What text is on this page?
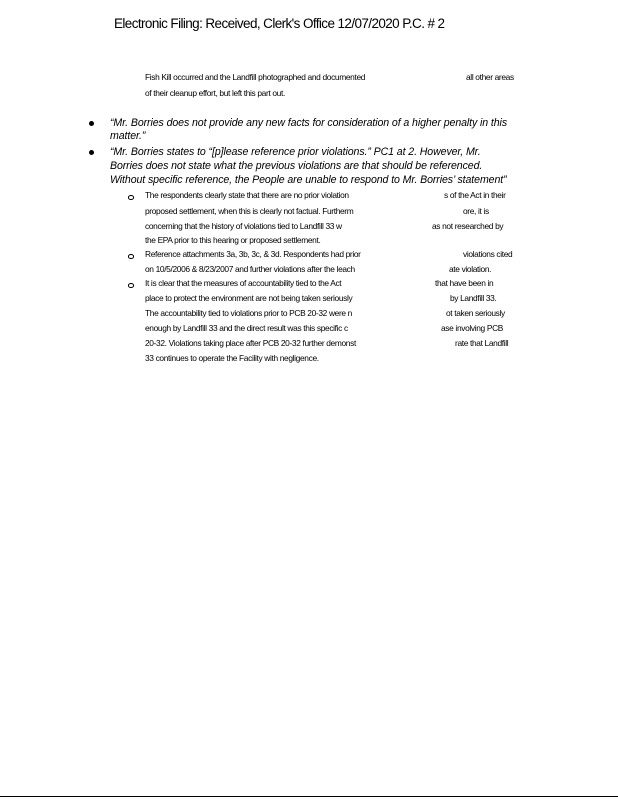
Electronic Filing: Received, Clerk's Office 12/07/2020 P.C. # 2
Fish Kill occurred and the Landfill photographed and documented	all other areas
of their cleanup effort, but left this part out.
“Mr. Borries does not provide any new facts for consideration of a higher penalty in this
matter.”
“Mr. Borries states to “[p]lease reference prior violations.” PC1 at 2. However, Mr.
Borries does not state what the previous violations are that should be referenced.
Without specific reference, the People are unable to respond to Mr. Borries’ statement”
The respondents clearly state that there are no prior violation	s of the Act in their
proposed settlement, when this is clearly not factual. Furtherm	ore, it is
concerning that the history of violations tied to Landfill 33 w	as not researched by
the EPA prior to this hearing or proposed settlement.
Reference attachments 3a, 3b, 3c, & 3d. Respondents had prior	violations cited
on 10/5/2006 & 8/23/2007 and further violations after the leach	ate violation.
It is clear that the measures of accountability tied to the Act	that have been in
place to protect the environment are not being taken seriously	by Landfill 33.
The accountability tied to violations prior to PCB 20-32 were n	ot taken seriously
enough by Landfill 33 and the direct result was this specific c	ase involving PCB
20-32. Violations taking place after PCB 20-32 further demonst	rate that Landfill
33 continues to operate the Facility with negligence.
